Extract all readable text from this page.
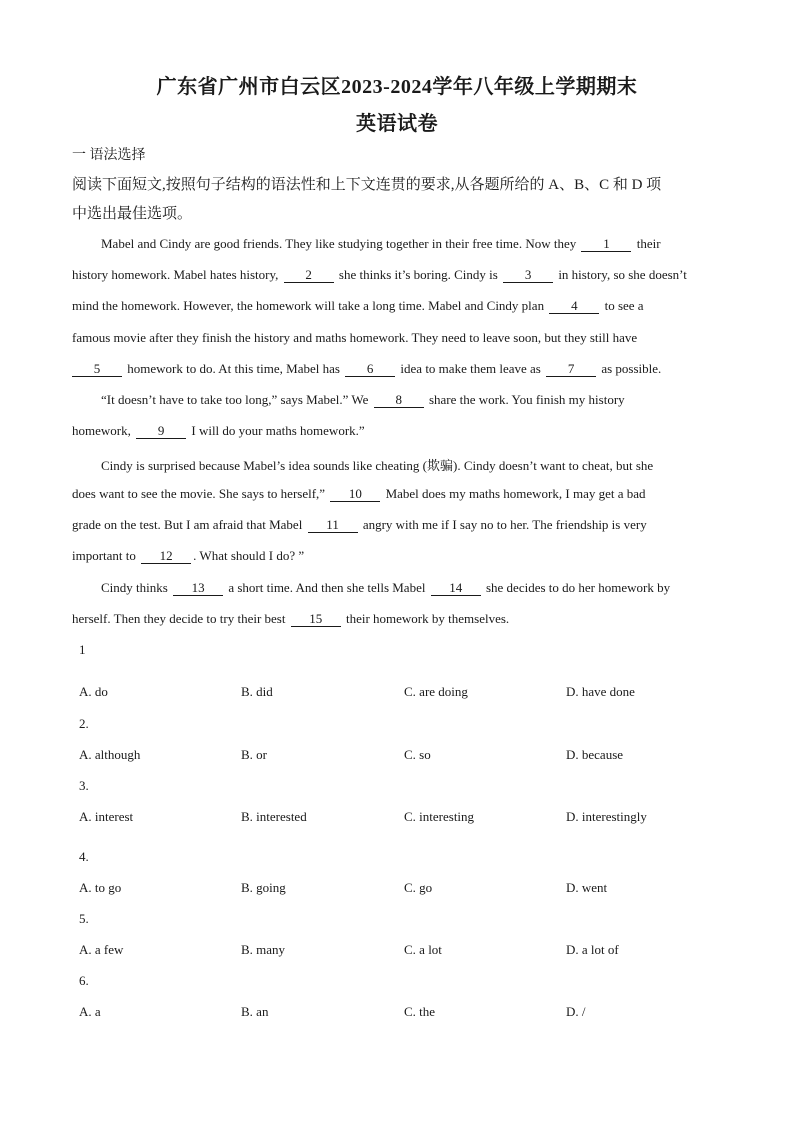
广东省广州市白云区2023-2024学年八年级上学期期末
英语试卷
一 语法选择
阅读下面短文,按照句子结构的语法性和上下文连贯的要求,从各题所给的 A、B、C 和 D 项
中选出最佳选项。
Mabel and Cindy are good friends. They like studying together in their free time. Now they 1 their
history homework. Mabel hates history, 2 she thinks it’s boring. Cindy is 3 in history, so she doesn’t
mind the homework. However, the homework will take a long time. Mabel and Cindy plan 4 to see a
famous movie after they finish the history and maths homework. They need to leave soon, but they still have
5 homework to do. At this time, Mabel has 6 idea to make them leave as 7 as possible.
“It doesn’t have to take too long,” says Mabel.” We 8 share the work. You finish my history
homework, 9 I will do your maths homework.”
Cindy is surprised because Mabel’s idea sounds like cheating (欺骗). Cindy doesn’t want to cheat, but she
does want to see the movie. She says to herself,” 10 Mabel does my maths homework, I may get a bad
grade on the test. But I am afraid that Mabel 11 angry with me if I say no to her. The friendship is very
important to 12 . What should I do? ”
Cindy thinks 13 a short time. And then she tells Mabel 14 she decides to do her homework by
herself. Then they decide to try their best 15 their homework by themselves.
1
A. do	B. did	C. are doing	D. have done
2.
A. although	B. or	C. so	D. because
3.
A. interest	B. interested	C. interesting	D. interestingly
4.
A. to go	B. going	C. go	D. went
5.
A. a few	B. many	C. a lot	D. a lot of
6.
A. a	B. an	C. the	D. /
